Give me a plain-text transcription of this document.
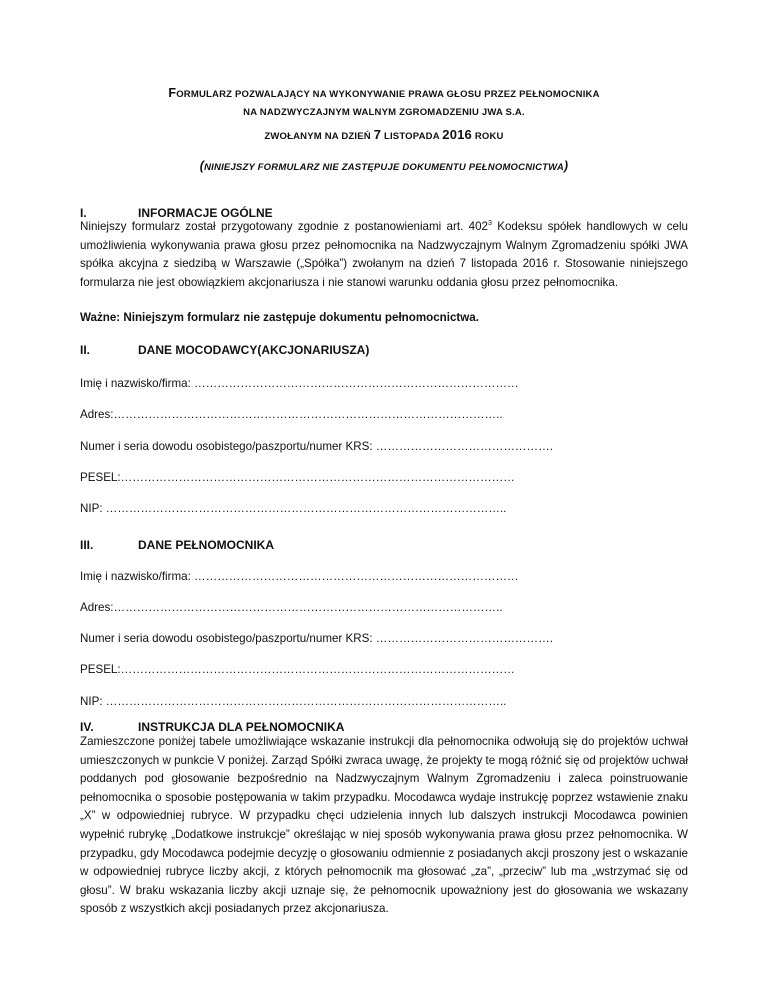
FORMULARZ POZWALAJĄCY NA WYKONYWANIE PRAWA GŁOSU PRZEZ PEŁNOMOCNIKA
NA NADZWYCZAJNYM WALNYM ZGROMADZENIU JWA S.A.
ZWOŁANYM NA DZIEŃ 7 LISTOPADA 2016 ROKU
(NINIEJSZY FORMULARZ NIE ZASTĘPUJE DOKUMENTU PEŁNOMOCNICTWA)
I.	INFORMACJE OGÓLNE
Niniejszy formularz został przygotowany zgodnie z postanowieniami art. $402^3$ Kodeksu spółek handlowych w celu umożliwienia wykonywania prawa głosu przez pełnomocnika na Nadzwyczajnym Walnym Zgromadzeniu spółki JWA spółka akcyjna z siedzibą w Warszawie („Spółka”) zwołanym na dzień 7 listopada 2016 r. Stosowanie niniejszego formularza nie jest obowiązkiem akcjonariusza i nie stanowi warunku oddania głosu przez pełnomocnika.
Ważne: Niniejszym formularz nie zastępuje dokumentu pełnomocnictwa.
II.	DANE MOCODAWCY(AKCJONARIUSZA)
Imię i nazwisko/firma: …………………………………………………………………………
Adres:………………………………………………………………………………………..
Numer i seria dowodu osobistego/paszportu/numer KRS: ……………………………………….
PESEL:…………………………………………………………………………………………
NIP: …………………………………………………………………………………………..
III.	DANE PEŁNOMOCNIKA
Imię i nazwisko/firma: …………………………………………………………………………
Adres:………………………………………………………………………………………..
Numer i seria dowodu osobistego/paszportu/numer KRS: ……………………………………….
PESEL:…………………………………………………………………………………………
NIP: …………………………………………………………………………………………..
IV.	INSTRUKCJA DLA PEŁNOMOCNIKA
Zamieszczone poniżej tabele umożliwiające wskazanie instrukcji dla pełnomocnika odwołują się do projektów uchwał umieszczonych w punkcie V poniżej. Zarząd Spółki zwraca uwagę, że projekty te mogą różnić się od projektów uchwał poddanych pod głosowanie bezpośrednio na Nadzwyczajnym Walnym Zgromadzeniu i zaleca poinstruowanie pełnomocnika o sposobie postępowania w takim przypadku. Mocodawca wydaje instrukcję poprzez wstawienie znaku „X” w odpowiedniej rubryce. W przypadku chęci udzielenia innych lub dalszych instrukcji Mocodawca powinien wypełnić rubrykę „Dodatkowe instrukcje” określając w niej sposób wykonywania prawa głosu przez pełnomocnika. W przypadku, gdy Mocodawca podejmie decyzję o głosowaniu odmiennie z posiadanych akcji proszony jest o wskazanie w odpowiedniej rubryce liczby akcji, z których pełnomocnik ma głosować „za”, „przeciw” lub ma „wstrzymać się od głosu”. W braku wskazania liczby akcji uznaje się, że pełnomocnik upoważniony jest do głosowania we wskazany sposób z wszystkich akcji posiadanych przez akcjonariusza.
